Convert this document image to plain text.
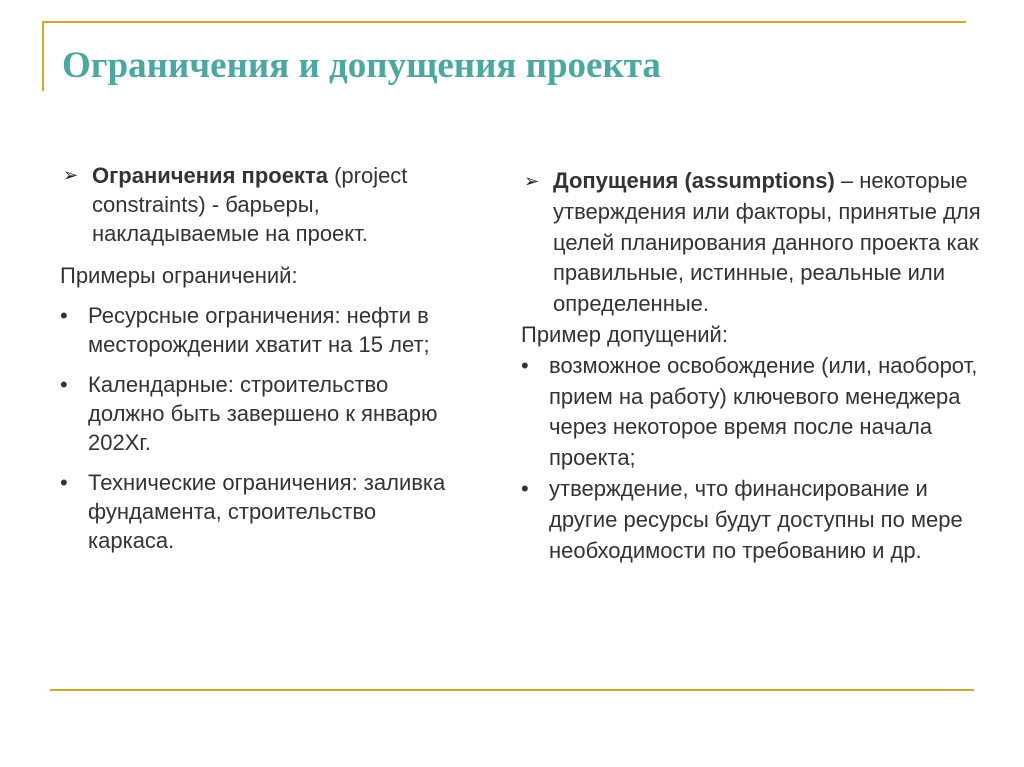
Ограничения и допущения проекта
➢ Ограничения проекта (project constraints) - барьеры, накладываемые на проект.

Примеры ограничений:

• Ресурсные ограничения: нефти в месторождении хватит на 15 лет;
• Календарные: строительство должно быть завершено к январю 202Хг.
• Технические ограничения: заливка фундамента, строительство каркаса.
➢ Допущения (assumptions) – некоторые утверждения или факторы, принятые для целей планирования данного проекта как правильные, истинные, реальные или определенные.

Пример допущений:

• возможное освобождение (или, наоборот, прием на работу) ключевого менеджера через некоторое время после начала проекта;
• утверждение, что финансирование и другие ресурсы будут доступны по мере необходимости по требованию и др.
